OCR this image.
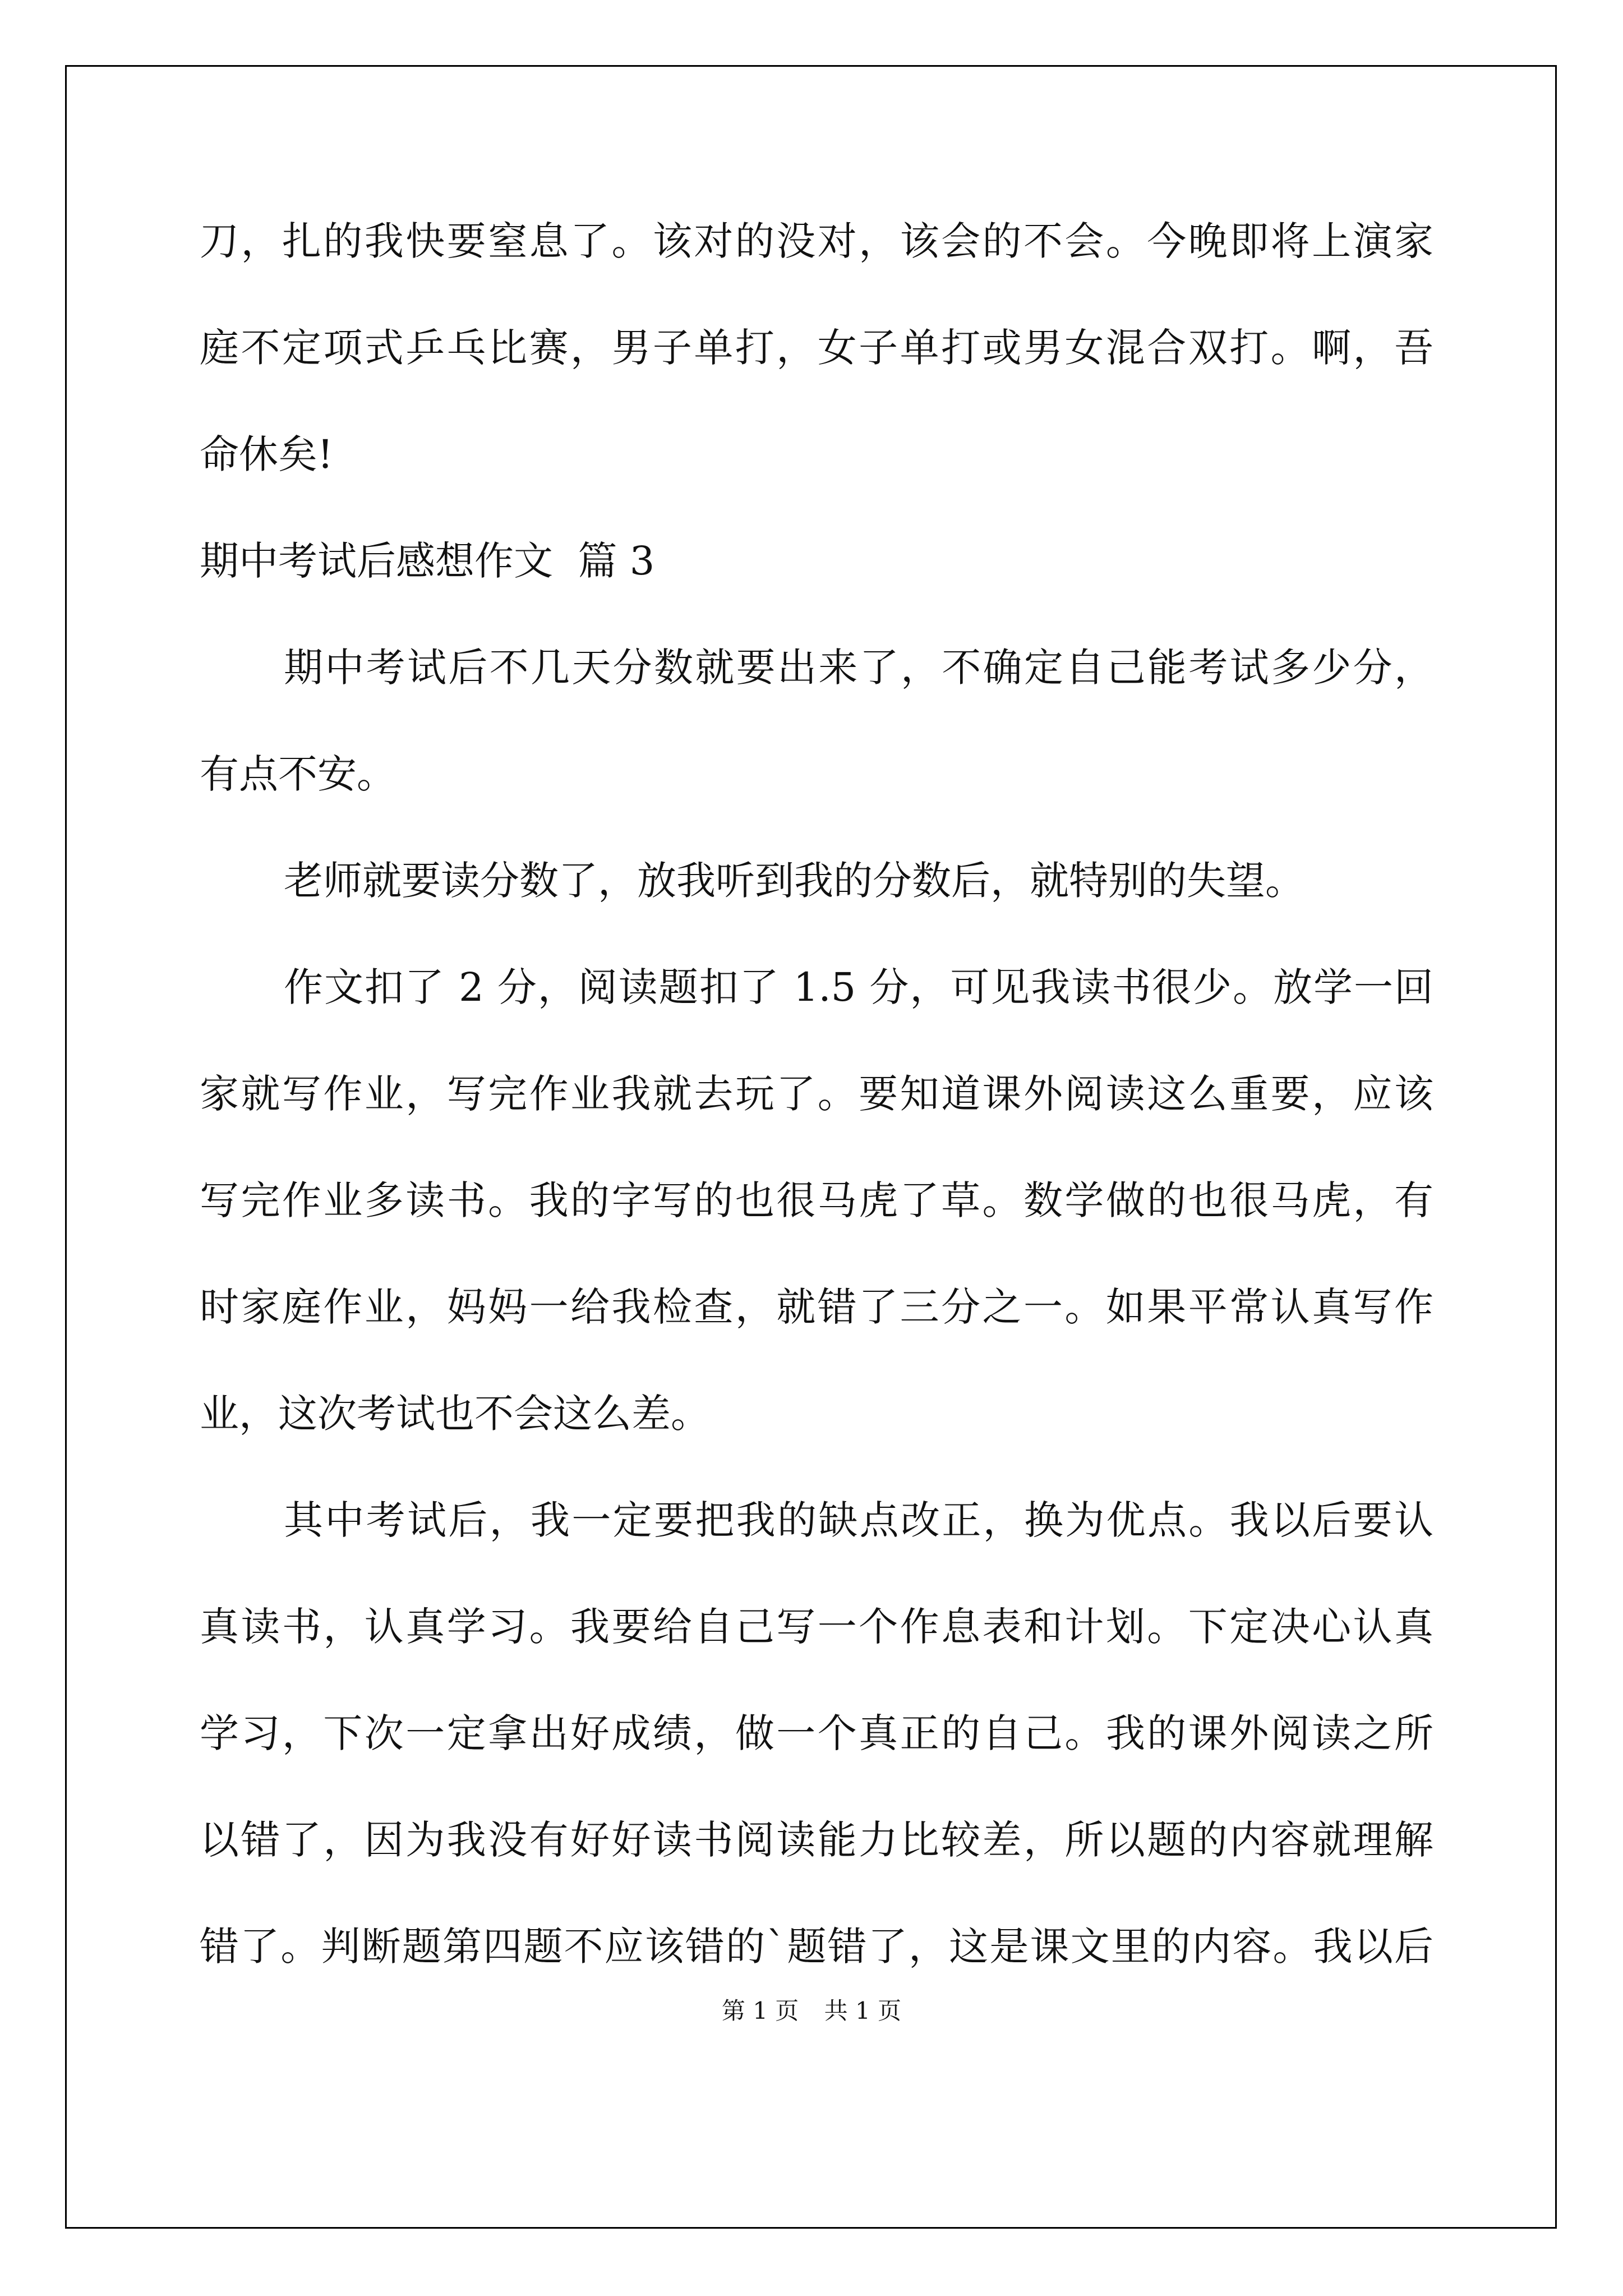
刀，扎的我快要窒息了。该对的没对，该会的不会。今晚即将上演家
庭不定项式乒乓比赛，男子单打，女子单打或男女混合双打。啊，吾
命休矣!
期中考试后感想作文  篇 3
期中考试后不几天分数就要出来了，不确定自己能考试多少分，
有点不安。
老师就要读分数了，放我听到我的分数后，就特别的失望。
作文扣了 2 分，阅读题扣了 1.5 分，可见我读书很少。放学一回
家就写作业，写完作业我就去玩了。要知道课外阅读这么重要，应该
写完作业多读书。我的字写的也很马虎了草。数学做的也很马虎，有
时家庭作业，妈妈一给我检查，就错了三分之一。如果平常认真写作
业，这次考试也不会这么差。
其中考试后，我一定要把我的缺点改正，换为优点。我以后要认
真读书，认真学习。我要给自己写一个作息表和计划。下定决心认真
学习，下次一定拿出好成绩，做一个真正的自己。我的课外阅读之所
以错了，因为我没有好好读书阅读能力比较差，所以题的内容就理解
错了。判断题第四题不应该错的`题错了，这是课文里的内容。我以后
第 1 页 共 1 页
